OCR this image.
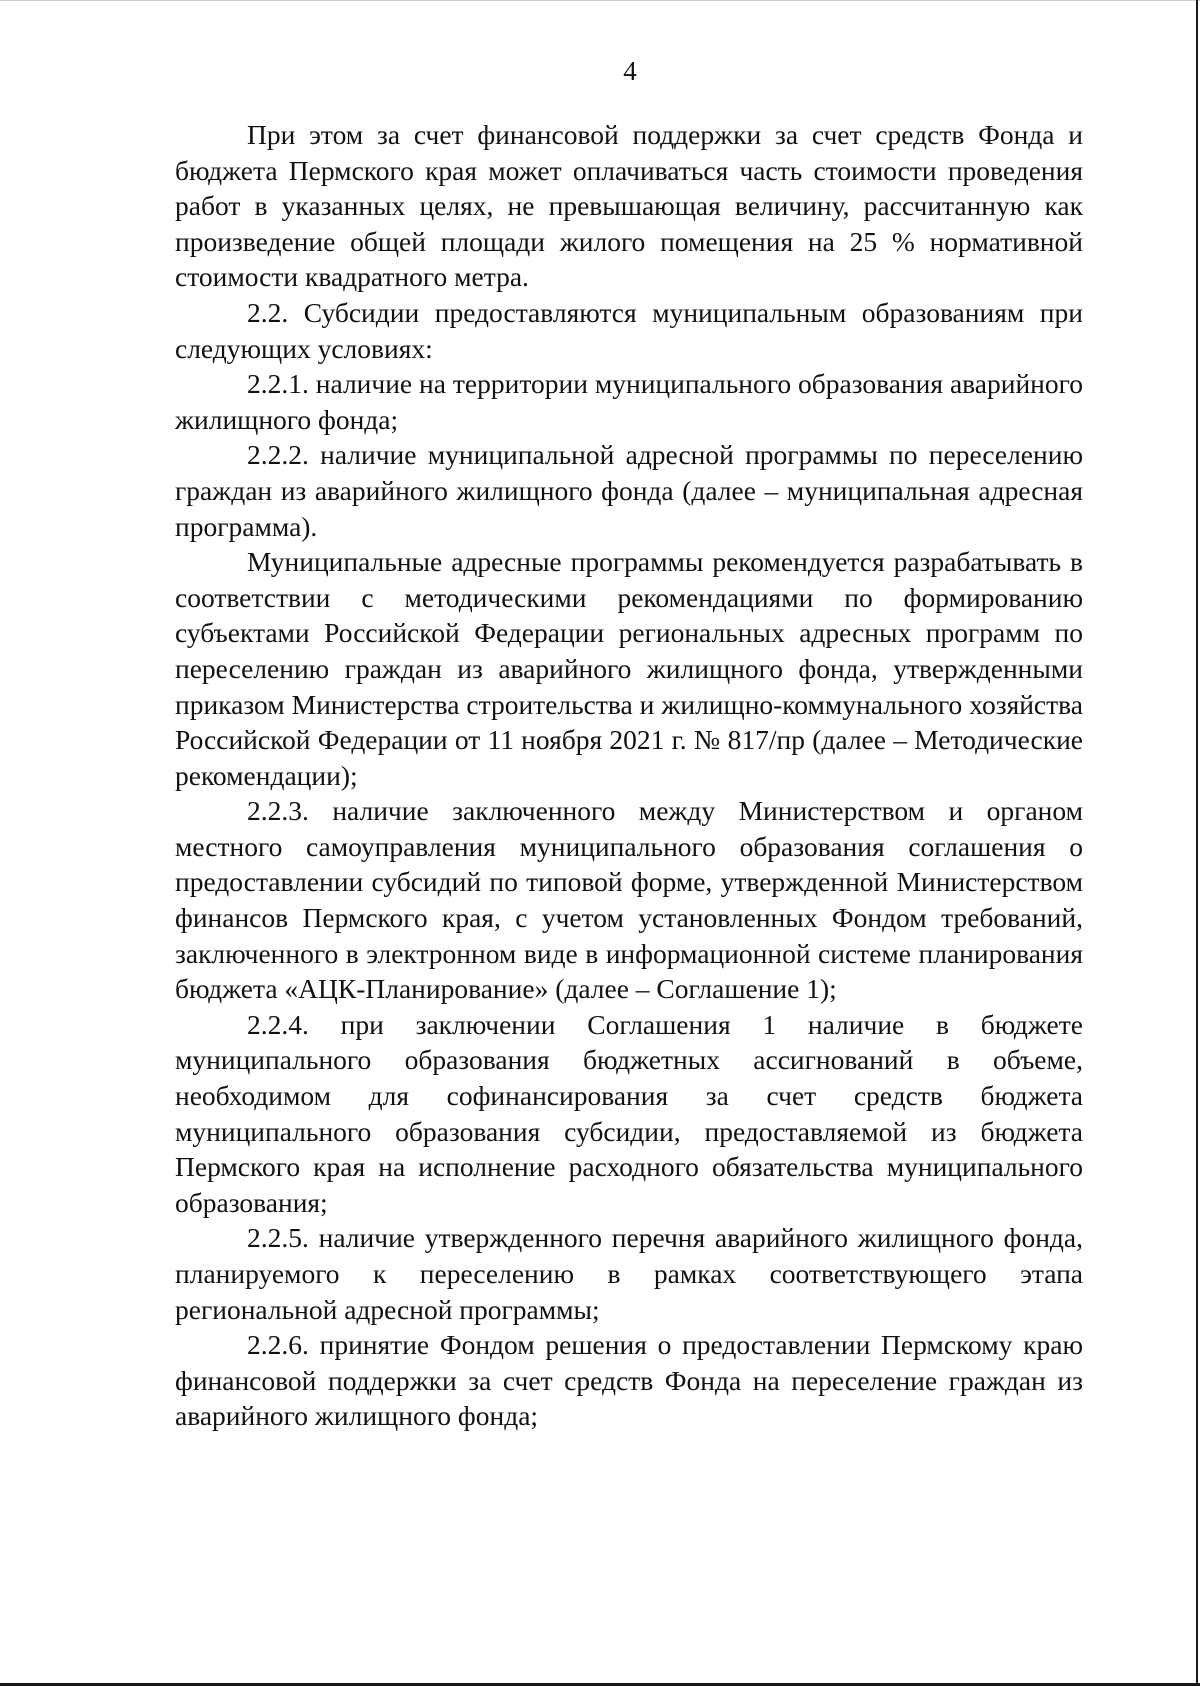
4

При этом за счет финансовой поддержки за счет средств Фонда и бюджета Пермского края может оплачиваться часть стоимости проведения работ в указанных целях, не превышающая величину, рассчитанную как произведение общей площади жилого помещения на 25 % нормативной стоимости квадратного метра.

2.2. Субсидии предоставляются муниципальным образованиям при следующих условиях:

2.2.1. наличие на территории муниципального образования аварийного жилищного фонда;

2.2.2. наличие муниципальной адресной программы по переселению граждан из аварийного жилищного фонда (далее – муниципальная адресная программа).

Муниципальные адресные программы рекомендуется разрабатывать в соответствии с методическими рекомендациями по формированию субъектами Российской Федерации региональных адресных программ по переселению граждан из аварийного жилищного фонда, утвержденными приказом Министерства строительства и жилищно-коммунального хозяйства Российской Федерации от 11 ноября 2021 г. № 817/пр (далее – Методические рекомендации);

2.2.3. наличие заключенного между Министерством и органом местного самоуправления муниципального образования соглашения о предоставлении субсидий по типовой форме, утвержденной Министерством финансов Пермского края, с учетом установленных Фондом требований, заключенного в электронном виде в информационной системе планирования бюджета «АЦК-Планирование» (далее – Соглашение 1);

2.2.4. при заключении Соглашения 1 наличие в бюджете муниципального образования бюджетных ассигнований в объеме, необходимом для софинансирования за счет средств бюджета муниципального образования субсидии, предоставляемой из бюджета Пермского края на исполнение расходного обязательства муниципального образования;

2.2.5. наличие утвержденного перечня аварийного жилищного фонда, планируемого к переселению в рамках соответствующего этапа региональной адресной программы;

2.2.6. принятие Фондом решения о предоставлении Пермскому краю финансовой поддержки за счет средств Фонда на переселение граждан из аварийного жилищного фонда;
